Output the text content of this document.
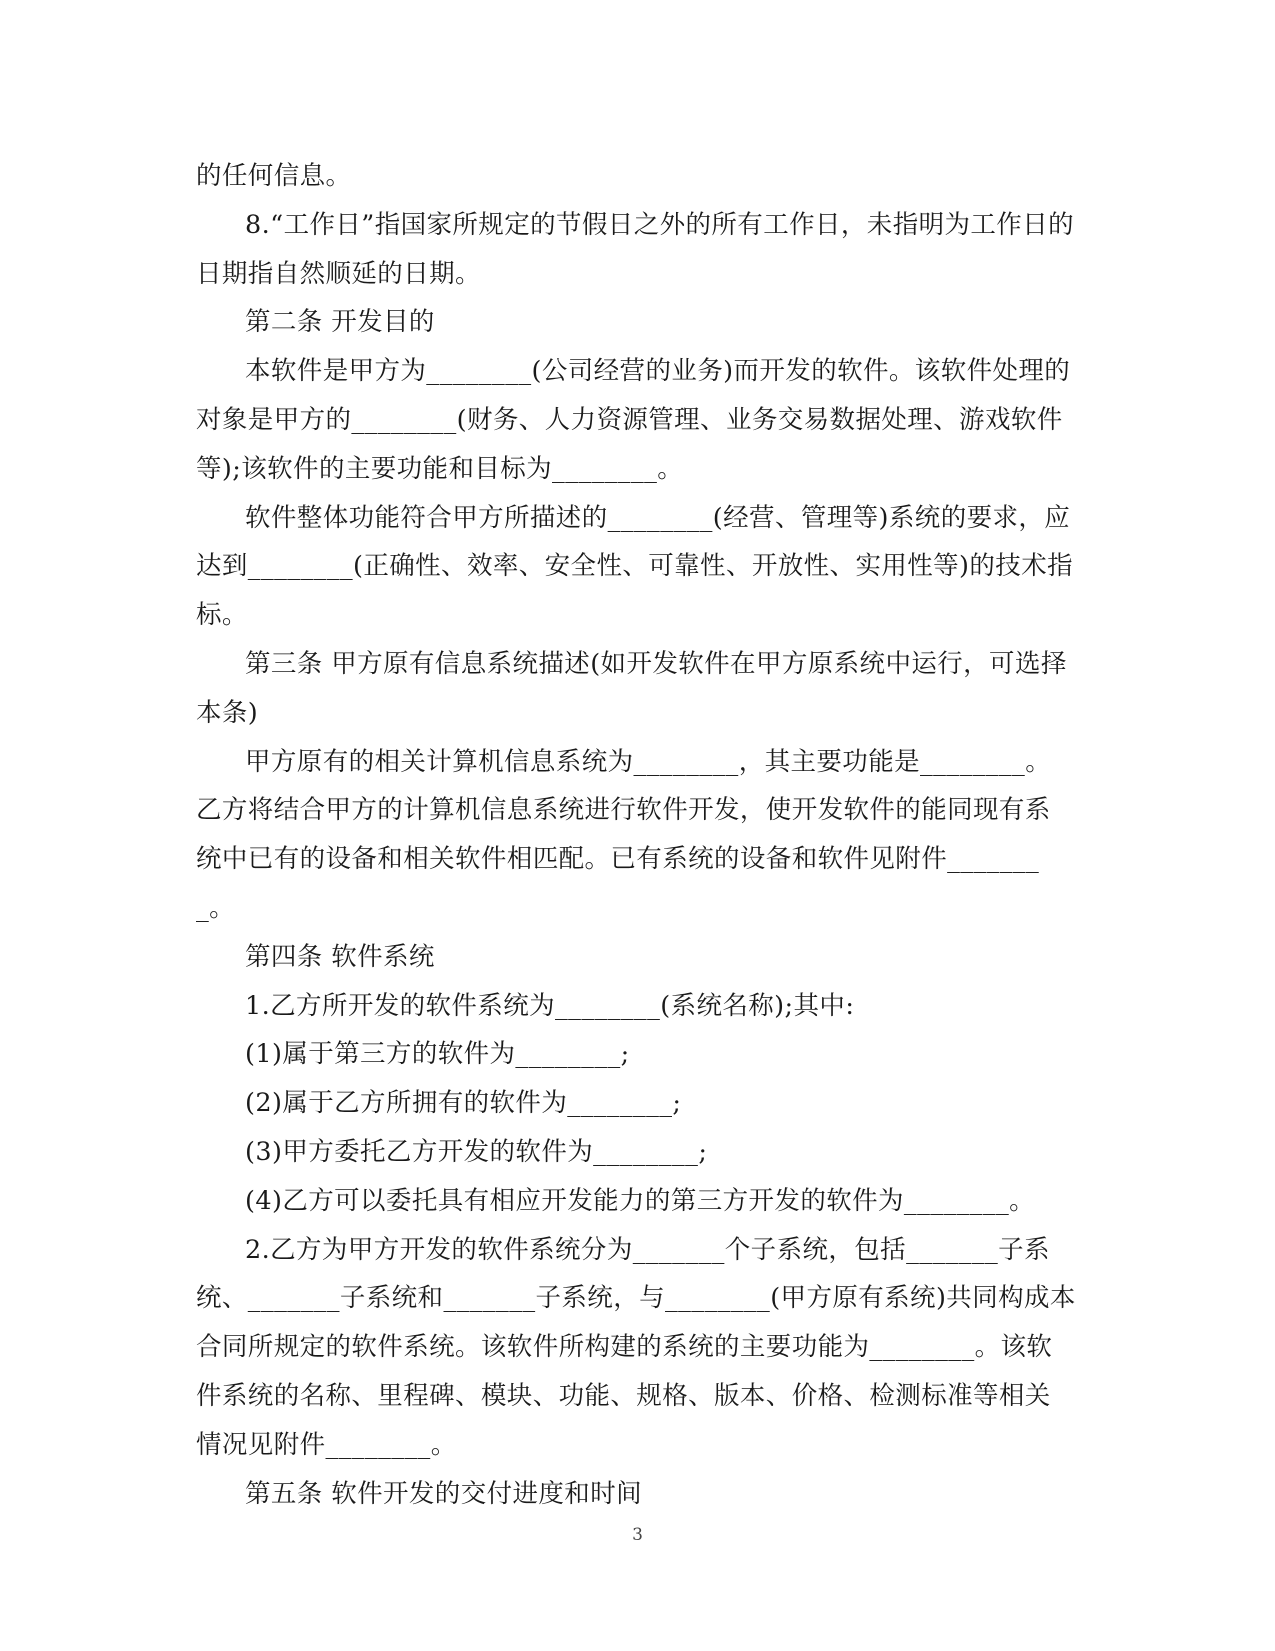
的任何信息。

8.“工作日”指国家所规定的节假日之外的所有工作日，未指明为工作日的日期指自然顺延的日期。

第二条 开发目的

本软件是甲方为________(公司经营的业务)而开发的软件。该软件处理的对象是甲方的________(财务、人力资源管理、业务交易数据处理、游戏软件等);该软件的主要功能和目标为________。

软件整体功能符合甲方所描述的________(经营、管理等)系统的要求，应达到________(正确性、效率、安全性、可靠性、开放性、实用性等)的技术指标。

第三条 甲方原有信息系统描述(如开发软件在甲方原系统中运行，可选择本条)

甲方原有的相关计算机信息系统为________，其主要功能是________。乙方将结合甲方的计算机信息系统进行软件开发，使开发软件的能同现有系统中已有的设备和相关软件相匹配。已有系统的设备和软件见附件________。

第四条 软件系统

1.乙方所开发的软件系统为________(系统名称);其中:

(1)属于第三方的软件为________;

(2)属于乙方所拥有的软件为________;

(3)甲方委托乙方开发的软件为________;

(4)乙方可以委托具有相应开发能力的第三方开发的软件为________。

2.乙方为甲方开发的软件系统分为_______个子系统，包括_______子系统、_______子系统和_______子系统，与________(甲方原有系统)共同构成本合同所规定的软件系统。该软件所构建的系统的主要功能为________。该软件系统的名称、里程碑、模块、功能、规格、版本、价格、检测标准等相关情况见附件________。

第五条 软件开发的交付进度和时间

3
